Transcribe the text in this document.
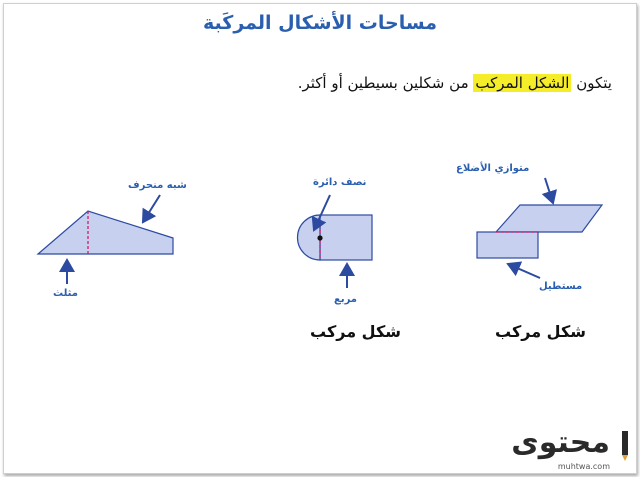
مساحات الأشكال المركَبة
يتكون الشكل المركب من شكلين بسيطين أو أكثر.
متوازي الأضلاع
مستطيل
شكل مركب
نصف دائرة
مربع
شكل مركب
شبه منحرف
مثلث
محتوى
muhtwa.com
